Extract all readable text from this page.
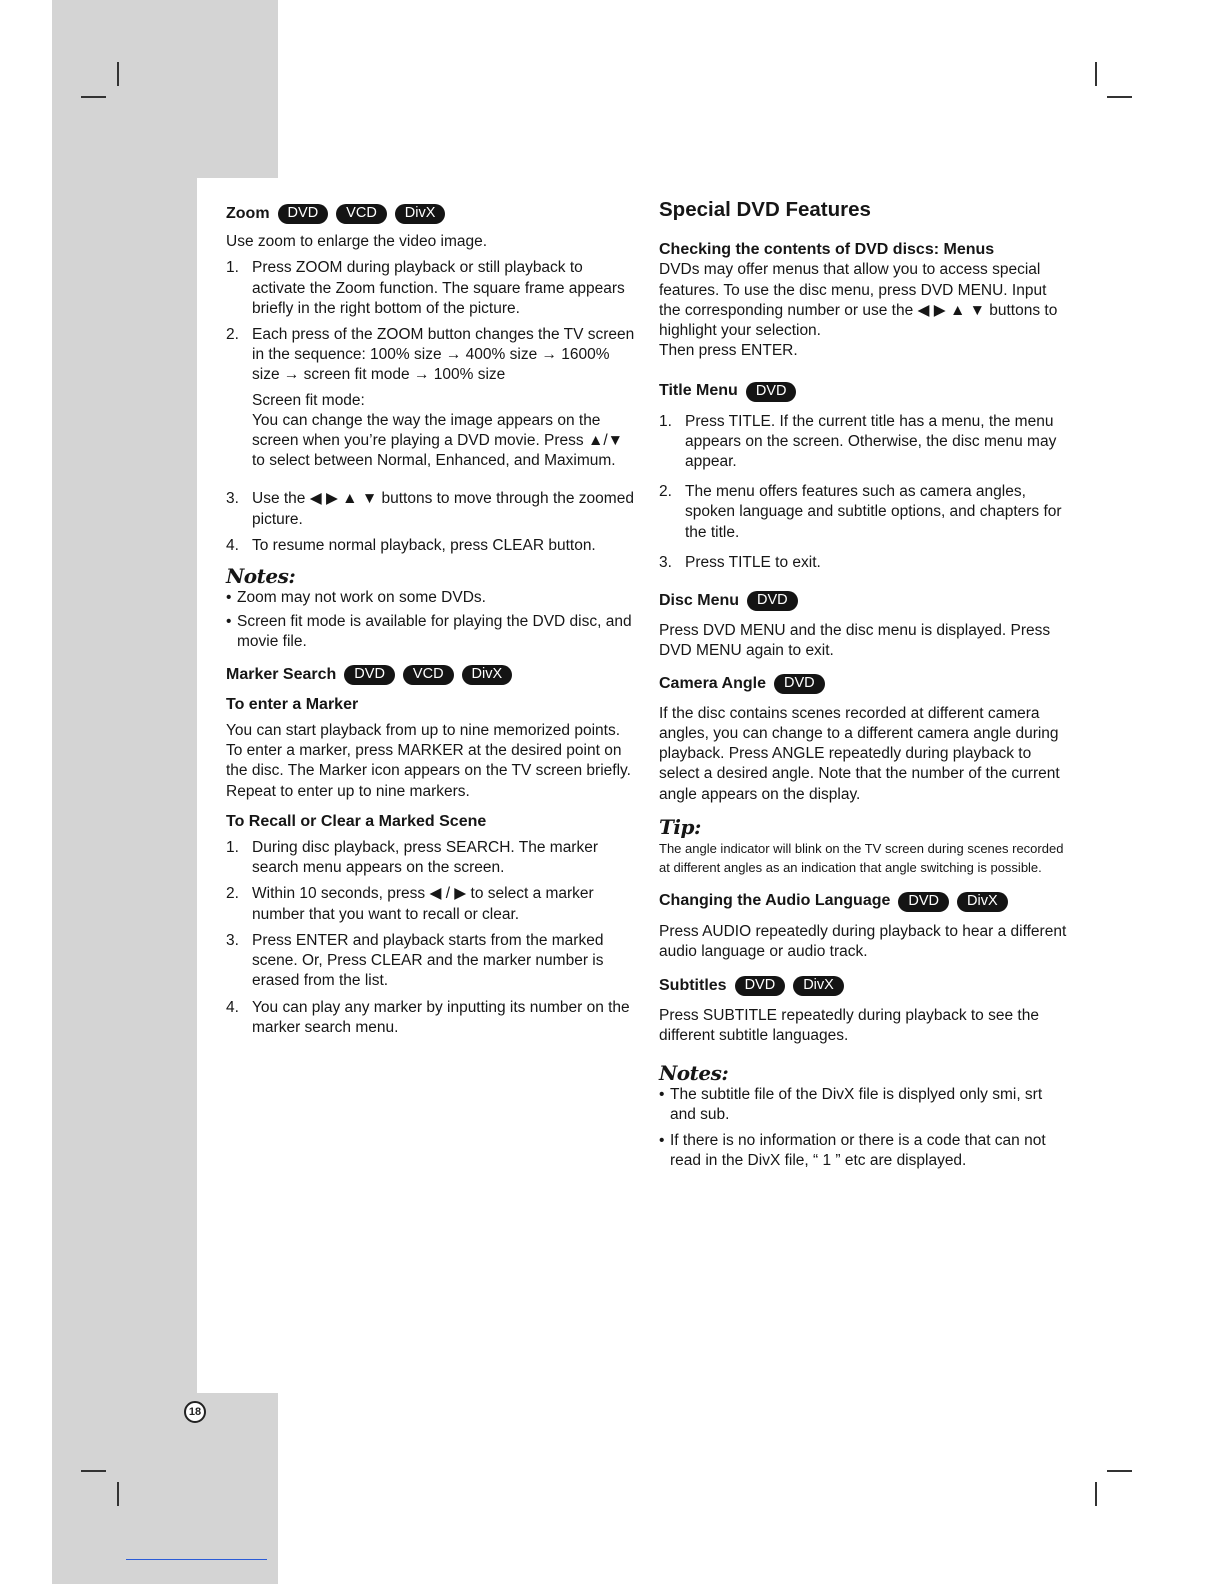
18
Zoom	DVD	VCD	DivX

Use zoom to enlarge the video image.

1. Press ZOOM during playback or still playback to activate the Zoom function. The square frame appears briefly in the right bottom of the picture.
2. Each press of the ZOOM button changes the TV screen in the sequence: 100% size → 400% size → 1600% size → screen fit mode → 100% size
Screen fit mode:
You can change the way the image appears on the screen when you’re playing a DVD movie. Press ▲/▼ to select between Normal, Enhanced, and Maximum.
3. Use the ◀ ▶ ▲ ▼ buttons to move through the zoomed picture.
4. To resume normal playback, press CLEAR button.

Notes:

• Zoom may not work on some DVDs.
• Screen fit mode is available for playing the DVD disc, and movie file.
Marker Search	DVD	VCD	DivX

To enter a Marker

You can start playback from up to nine memorized points. To enter a marker, press MARKER at the desired point on the disc. The Marker icon appears on the TV screen briefly. Repeat to enter up to nine markers.

To Recall or Clear a Marked Scene

1. During disc playback, press SEARCH. The marker search menu appears on the screen.
2. Within 10 seconds, press ◀ / ▶ to select a marker number that you want to recall or clear.
3. Press ENTER and playback starts from the marked scene. Or, Press CLEAR and the marker number is erased from the list.
4. You can play any marker by inputting its number on the marker search menu.
Special DVD Features

Checking the contents of DVD discs: Menus

DVDs may offer menus that allow you to access special features. To use the disc menu, press DVD MENU. Input the corresponding number or use the ◀ ▶ ▲ ▼ buttons to highlight your selection.

Then press ENTER.

Title Menu	DVD
1. Press TITLE. If the current title has a menu, the menu appears on the screen. Otherwise, the disc menu may appear.
2. The menu offers features such as camera angles, spoken language and subtitle options, and chapters for the title.
3. Press TITLE to exit.
Disc Menu	DVD

Press DVD MENU and the disc menu is displayed. Press DVD MENU again to exit.

Camera Angle	DVD

If the disc contains scenes recorded at different camera angles, you can change to a different camera angle during playback. Press ANGLE repeatedly during playback to select a desired angle. Note that the number of the current angle appears on the display.

Tip:

The angle indicator will blink on the TV screen during scenes recorded at different angles as an indication that angle switching is possible.

Changing the Audio Language	DVD	DivX

Press AUDIO repeatedly during playback to hear a different audio language or audio track.

Subtitles	DVD	DivX

Press SUBTITLE repeatedly during playback to see the different subtitle languages.

Notes:

• The subtitle file of the DivX file is displyed only smi, srt and sub.
• If there is no information or there is a code that can not read in the DivX file, “ 1 ” etc are displayed.
